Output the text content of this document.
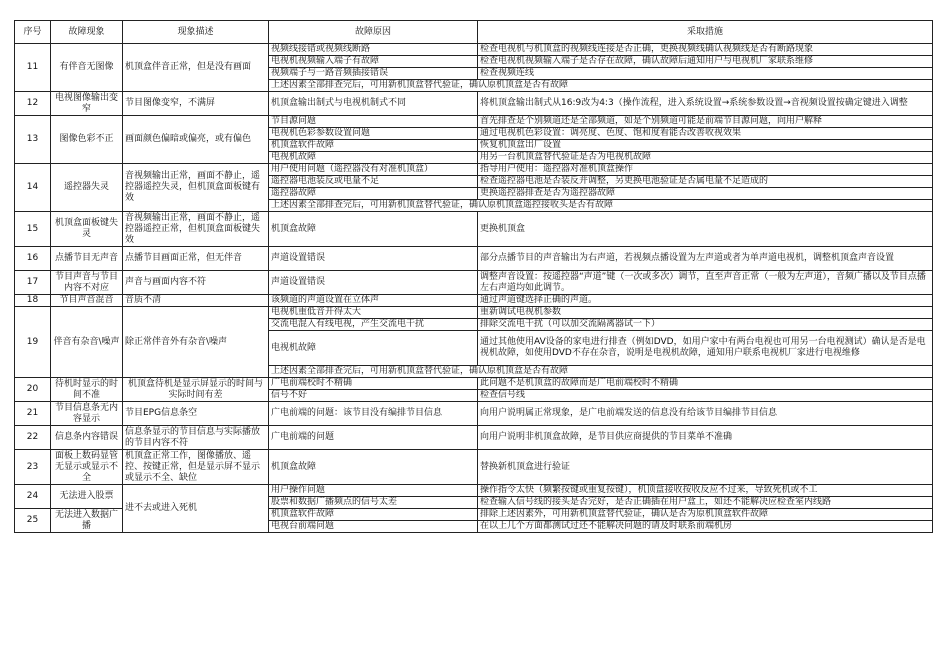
序号	故障现象	现象描述	故障原因	采取措施
11	有伴音无图像	机顶盒伴音正常，但是没有画面	视频线接错或视频线断路	检查电视机与机顶盒的视频线连接是否正确，更换视频线确认视频线是否有断路现象
			电视机视频输入端子有故障	检查电视机视频输入端子是否存在故障，确认故障后通知用户与电视机厂家联系维修
			视频端子与一路音频插接错误	检查视频连线
			上述因素全部排查完后，可用新机顶盒替代验证，确认原机顶盒是否有故障	
12	电视图像输出变窄	节目图像变窄，不满屏	机顶盒输出制式与电视机制式不同	将机顶盒输出制式从16:9改为4:3（操作流程，进入系统设置→系统参数设置→音视频设置按确定键进入调整
13	图像色彩不正	画面颜色偏暗或偏亮，或有偏色	节目源问题	首先排查是个别频道还是全部频道，如是个别频道可能是前端节目源问题，向用户解释
			电视机色彩参数设置问题	通过电视机色彩设置：调亮度、色度、饱和度看能否改善收视效果
			机顶盒软件故障	恢复机顶盒出厂设置
			电视机故障	用另一台机顶盒替代验证是否为电视机故障
14	遥控器失灵	音视频输出正常，画面不静止，遥控器遥控失灵，但机顶盒面板键有效	用户使用问题（遥控器没有对准机顶盒）	指导用户使用：遥控器对准机顶盒操作
			遥控器电池装反或电量不足	检查遥控器电池是否装反并调整，另更换电池验证是否属电量不足造成的
			遥控器故障	更换遥控器排查是否为遥控器故障
			上述因素全部排查完后，可用新机顶盒替代验证，确认原机顶盒遥控接收头是否有故障	
15	机顶盒面板键失灵	音视频输出正常，画面不静止，遥控器遥控正常，但机顶盒面板键失效	机顶盒故障	更换机顶盒
16	点播节目无声音	点播节目画面正常，但无伴音	声道设置错误	部分点播节目的声音输出为右声道，若视频点播设置为左声道或者为单声道电视机，调整机顶盒声音设置
17	节目声音与节目内容不对应	声音与画面内容不符	声道设置错误	调整声音设置：按遥控器“声道”键（一次或多次）调节，直至声音正常（一般为左声道），音频广播以及节目点播左右声道均如此调节。
18	节目声音混音	音质不清	该频道的声道设置在立体声	通过声道键选择正确的声道。
19	伴音有杂音\噪声	除正常伴音外有杂音\噪声	电视机重低音开得太大	重新调试电视机参数
			交流电混入有线电视，产生交流电干扰	排除交流电干扰（可以加交流隔离器试一下）
			电视机故障	通过其他使用AV设备的家电进行排查（例如DVD，如用户家中有两台电视也可用另一台电视测试）确认是否是电视机故障，如使用DVD不存在杂音，说明是电视机故障，通知用户联系电视机厂家进行电视维修
			上述因素全部排查完后，可用新机顶盒替代验证，确认原机顶盒是否有故障	
20	待机时显示的时间不准	机顶盒待机是显示屏显示的时间与实际时间有差	广电前端校时不精确	此问题不是机顶盒的故障而是广电前端校时不精确
			信号不好	检查信号线
21	节目信息条无内容显示	节目EPG信息条空	广电前端的问题：该节目没有编排节目信息	向用户说明属正常现象，是广电前端发送的信息没有给该节目编排节目信息
22	信息条内容错误	信息条显示的节目信息与实际播放的节目内容不符	广电前端的问题	向用户说明非机顶盒故障，是节目供应商提供的节目菜单不准确
23	面板上数码显管无显示或显示不全	机顶盒正常工作，图像播放、遥控、按键正常，但是显示屏不显示或显示不全、缺位	机顶盒故障	替换新机顶盒进行验证
24	无法进入股票	进不去或进入死机	用户操作问题	操作指令太快（频繁按键或重复按键），机顶盒接收按收反应不过来，导致死机或不工
			股票和数据广播频点的信号太差	检查输入信号线的接头是否完好，是否正确插在用户盒上，如还不能解决应检查室内线路
25	无法进入数据广播		机顶盒软件故障	排除上述因素外，可用新机顶盒替代验证，确认是否为原机顶盒软件故障
			电视台前端问题	在以上几个方面都测试过还不能解决问题的请及时联系前端机房
